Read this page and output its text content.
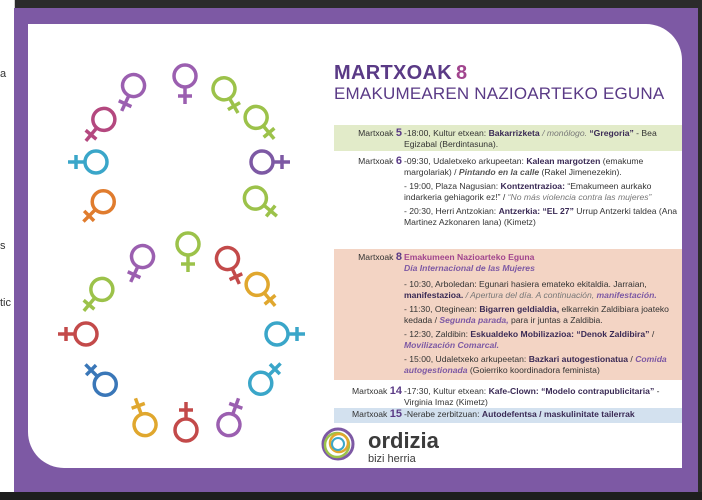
a
s
tic
MARTXOAK 8
EMAKUMEAREN NAZIOARTEKO EGUNA
Martxoak 5 -18:00, Kultur etxean: Bakarrizketa / monólogo. “Gregoria” - Bea Egizabal (Berdintasuna).
Martxoak 6 -09:30, Udaletxeko arkupeetan: Kalean margotzen (emakume margolariak) / Pintando en la calle (Rakel Jimenezekin).
- 19:00, Plaza Nagusian: Kontzentrazioa: “Emakumeen aurkako indarkeria gehiagorik ez!” / “No más violencia contra las mujeres”
- 20:30, Herri Antzokian: Antzerkia: “EL 27” Urrup Antzerki taldea (Ana Martinez Azkonaren lana) (Kimetz)
Martxoak 8 Emakumeen Nazioarteko Eguna
Día Internacional de las Mujeres
- 10:30, Arboledan: Egunari hasiera emateko ekitaldia. Jarraian, manifestazioa. / Apertura del día. A continuación, manifestación.
- 11:30, Oteginean: Bigarren geldialdia, elkarrekin Zaldibiara joateko kedada / Segunda parada, para ir juntas a Zaldibia.
- 12:30, Zaldibin: Eskualdeko Mobilizazioa: “Denok Zaldibira” / Movilización Comarcal.
- 15:00, Udaletxeko arkupeetan: Bazkari autogestionatua / Comida autogestionada (Goierriko koordinadora feminista)
Martxoak 14 -17:30, Kultur etxean: Kafe-Clown: “Modelo contrapublicitaria” - Virginia Imaz (Kimetz)
Martxoak 15 -Nerabe zerbitzuan: Autodefentsa / maskulinitate tailerrak
ordizia
bizi herria
